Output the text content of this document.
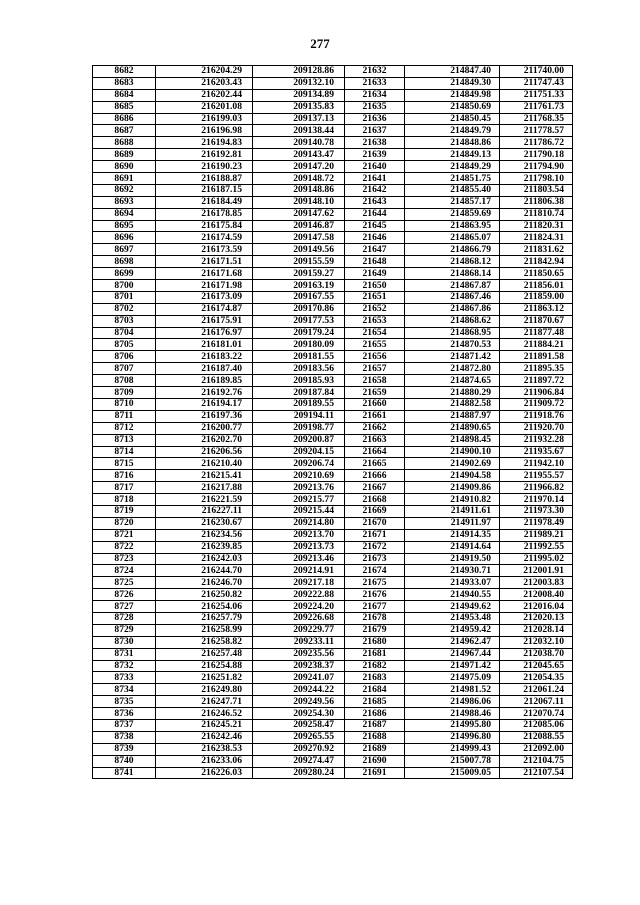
277
8682	216204.29	209128.86	21632	214847.40	211740.00
8683	216203.43	209132.10	21633	214849.30	211747.43
8684	216202.44	209134.89	21634	214849.98	211751.33
8685	216201.08	209135.83	21635	214850.69	211761.73
8686	216199.03	209137.13	21636	214850.45	211768.35
8687	216196.98	209138.44	21637	214849.79	211778.57
8688	216194.83	209140.78	21638	214848.86	211786.72
8689	216192.81	209143.47	21639	214849.13	211790.18
8690	216190.23	209147.20	21640	214849.29	211794.90
8691	216188.87	209148.72	21641	214851.75	211798.10
8692	216187.15	209148.86	21642	214855.40	211803.54
8693	216184.49	209148.10	21643	214857.17	211806.38
8694	216178.85	209147.62	21644	214859.69	211810.74
8695	216175.84	209146.87	21645	214863.95	211820.31
8696	216174.59	209147.58	21646	214865.07	211824.31
8697	216173.59	209149.56	21647	214866.79	211831.62
8698	216171.51	209155.59	21648	214868.12	211842.94
8699	216171.68	209159.27	21649	214868.14	211850.65
8700	216171.98	209163.19	21650	214867.87	211856.01
8701	216173.09	209167.55	21651	214867.46	211859.00
8702	216174.87	209170.86	21652	214867.86	211863.12
8703	216175.91	209177.53	21653	214868.62	211870.67
8704	216176.97	209179.24	21654	214868.95	211877.48
8705	216181.01	209180.09	21655	214870.53	211884.21
8706	216183.22	209181.55	21656	214871.42	211891.58
8707	216187.40	209183.56	21657	214872.80	211895.35
8708	216189.85	209185.93	21658	214874.65	211897.72
8709	216192.76	209187.84	21659	214880.29	211906.84
8710	216194.17	209189.55	21660	214882.58	211909.72
8711	216197.36	209194.11	21661	214887.97	211918.76
8712	216200.77	209198.77	21662	214890.65	211920.70
8713	216202.70	209200.87	21663	214898.45	211932.28
8714	216206.56	209204.15	21664	214900.10	211935.67
8715	216210.40	209206.74	21665	214902.69	211942.10
8716	216215.41	209210.69	21666	214904.58	211955.57
8717	216217.88	209213.76	21667	214909.86	211966.82
8718	216221.59	209215.77	21668	214910.82	211970.14
8719	216227.11	209215.44	21669	214911.61	211973.30
8720	216230.67	209214.80	21670	214911.97	211978.49
8721	216234.56	209213.70	21671	214914.35	211989.21
8722	216239.85	209213.73	21672	214914.64	211992.55
8723	216242.03	209213.46	21673	214919.50	211995.02
8724	216244.70	209214.91	21674	214930.71	212001.91
8725	216246.70	209217.18	21675	214933.07	212003.83
8726	216250.82	209222.88	21676	214940.55	212008.40
8727	216254.06	209224.20	21677	214949.62	212016.04
8728	216257.79	209226.68	21678	214953.48	212020.13
8729	216258.99	209229.77	21679	214959.42	212028.14
8730	216258.82	209233.11	21680	214962.47	212032.10
8731	216257.48	209235.56	21681	214967.44	212038.70
8732	216254.88	209238.37	21682	214971.42	212045.65
8733	216251.82	209241.07	21683	214975.09	212054.35
8734	216249.80	209244.22	21684	214981.52	212061.24
8735	216247.71	209249.56	21685	214986.06	212067.11
8736	216246.52	209254.30	21686	214988.46	212070.74
8737	216245.21	209258.47	21687	214995.80	212085.06
8738	216242.46	209265.55	21688	214996.80	212088.55
8739	216238.53	209270.92	21689	214999.43	212092.00
8740	216233.06	209274.47	21690	215007.78	212104.75
8741	216226.03	209280.24	21691	215009.05	212107.54
